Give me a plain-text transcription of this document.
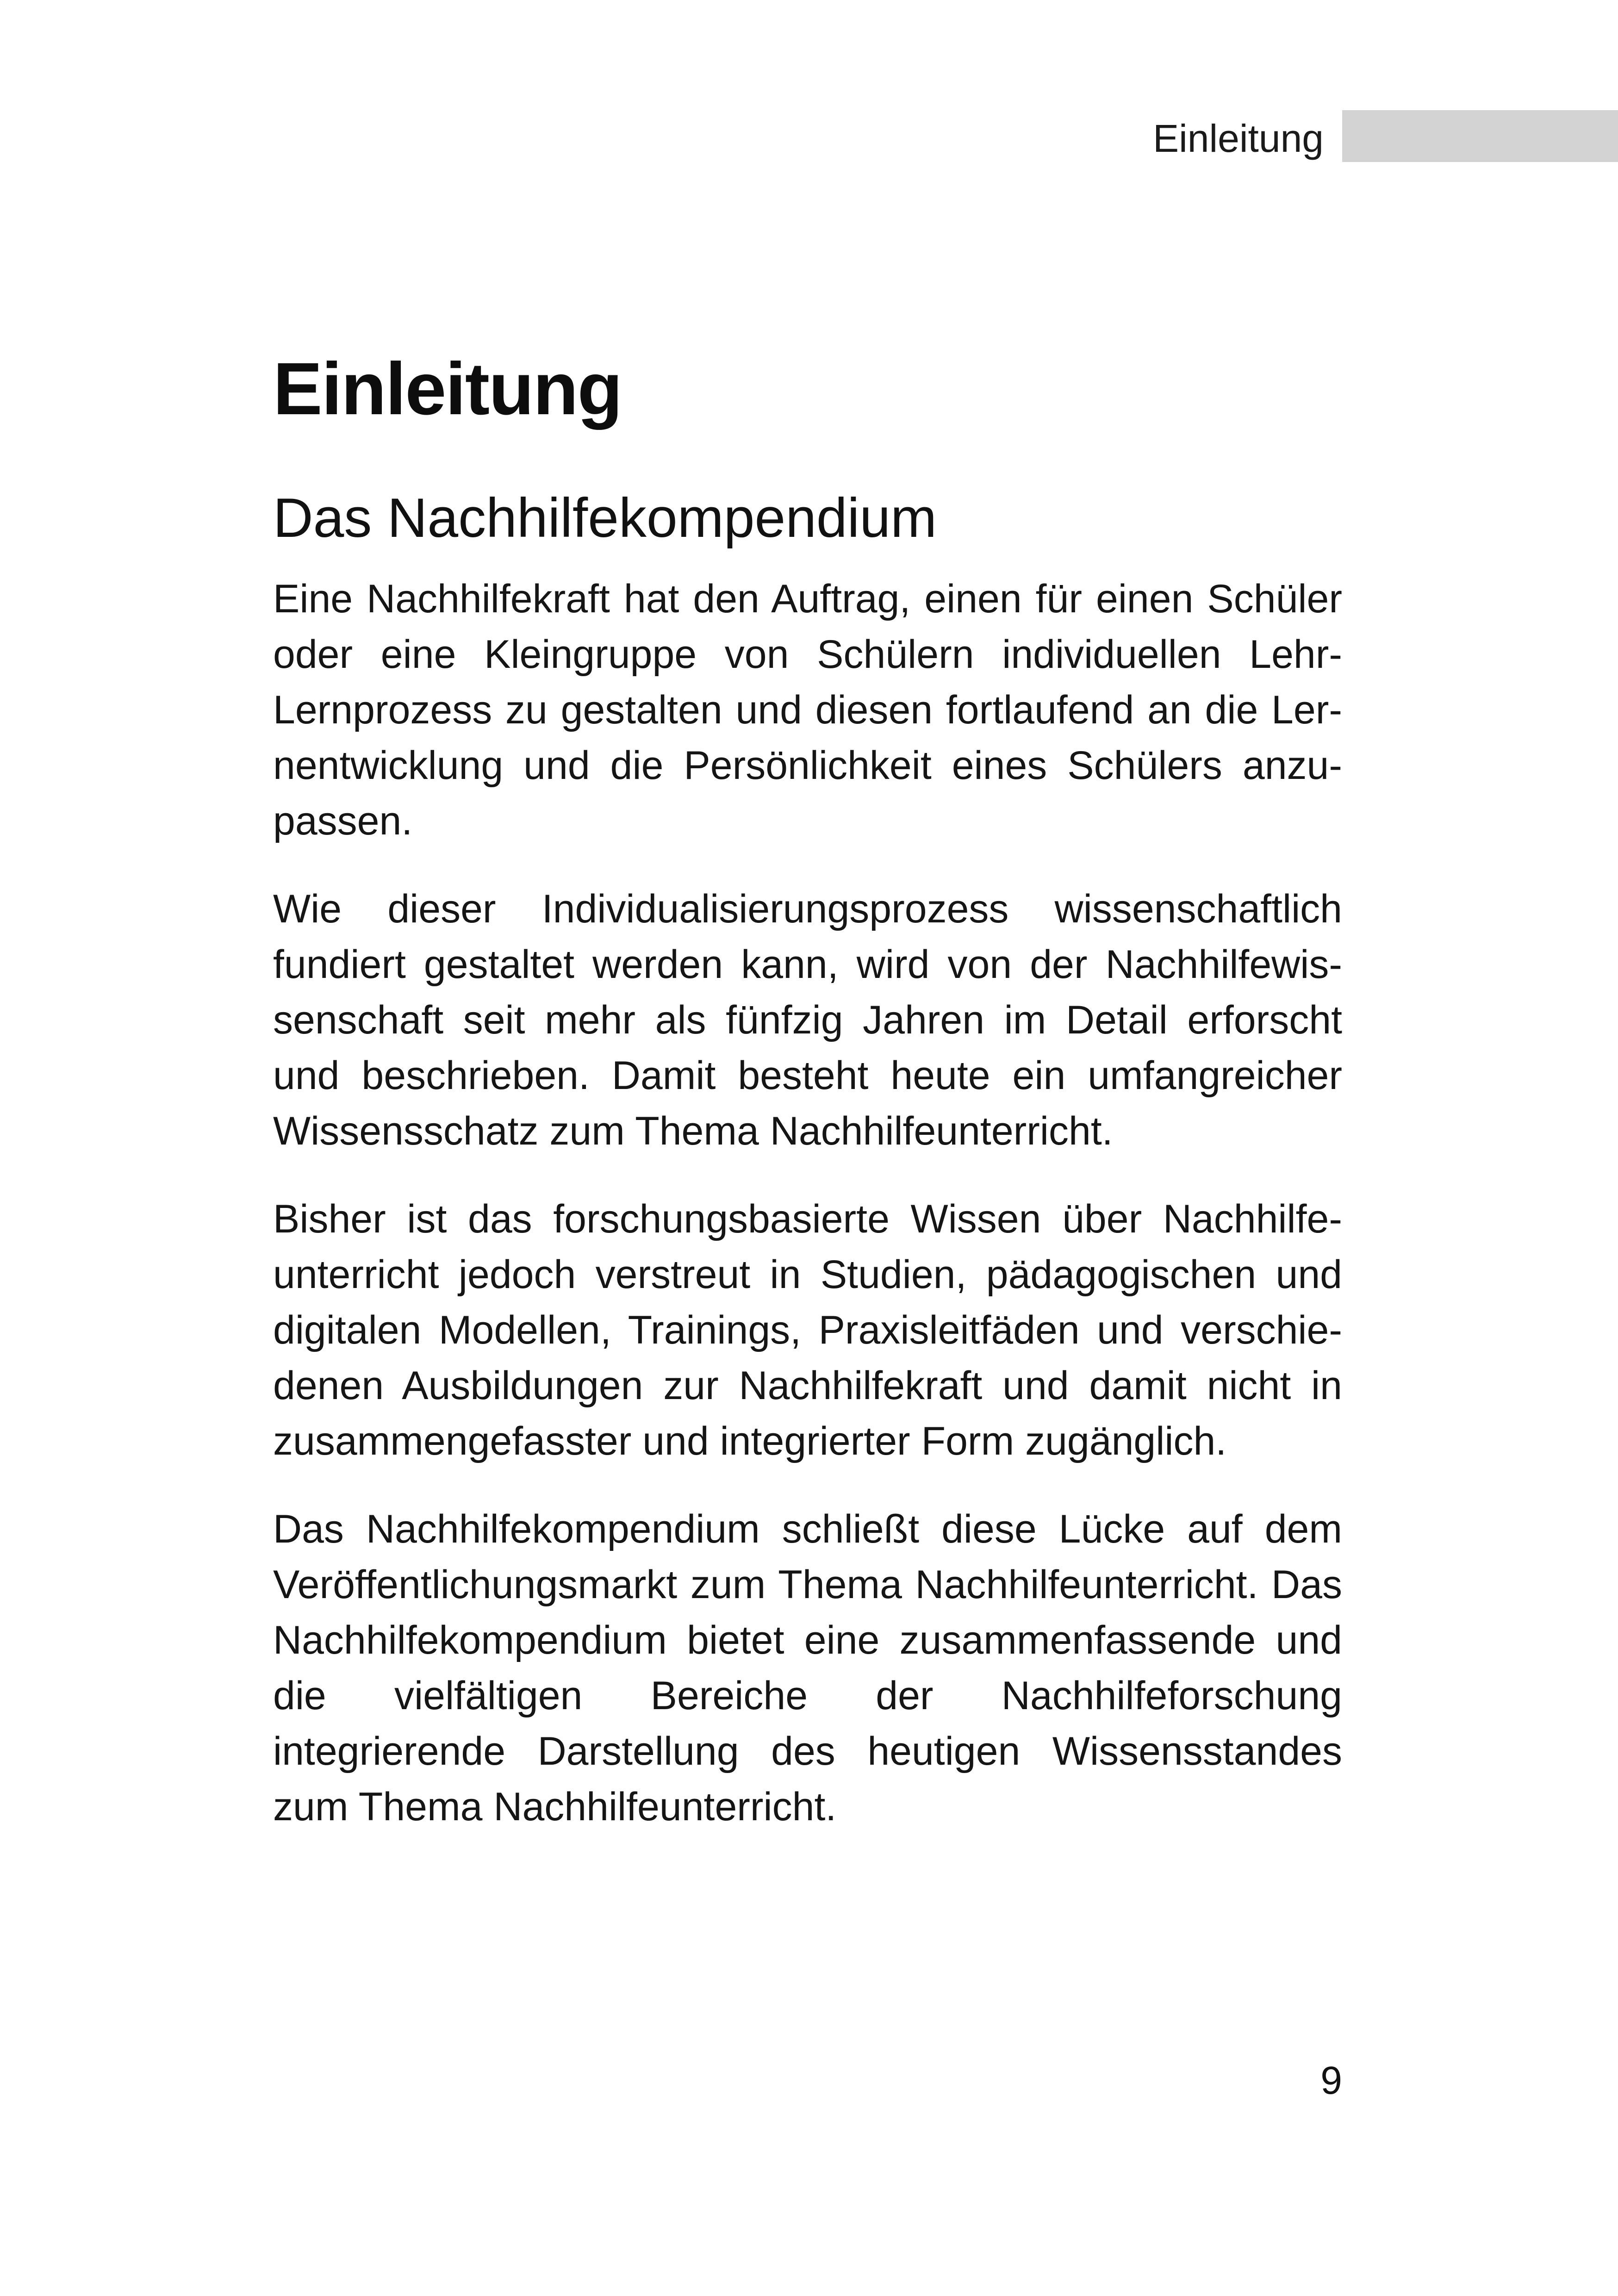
Einleitung
Einleitung
Das Nachhilfekompendium

Eine Nachhilfekraft hat den Auftrag, einen für einen Schüler oder eine Kleingruppe von Schülern individuellen Lehr-Lernprozess zu gestalten und diesen fortlaufend an die Lernentwicklung und die Persönlichkeit eines Schülers anzupassen.

Wie dieser Individualisierungsprozess wissenschaftlich fundiert gestaltet werden kann, wird von der Nachhilfewissenschaft seit mehr als fünfzig Jahren im Detail erforscht und beschrieben. Damit besteht heute ein umfangreicher Wissensschatz zum Thema Nachhilfeunterricht.

Bisher ist das forschungsbasierte Wissen über Nachhilfeunterricht jedoch verstreut in Studien, pädagogischen und digitalen Modellen, Trainings, Praxisleitfäden und verschiedenen Ausbildungen zur Nachhilfekraft und damit nicht in zusammengefasster und integrierter Form zugänglich.

Das Nachhilfekompendium schließt diese Lücke auf dem Veröffentlichungsmarkt zum Thema Nachhilfeunterricht. Das Nachhilfekompendium bietet eine zusammenfassende und die vielfältigen Bereiche der Nachhilfeforschung integrierende Darstellung des heutigen Wissensstandes zum Thema Nachhilfeunterricht.

9
